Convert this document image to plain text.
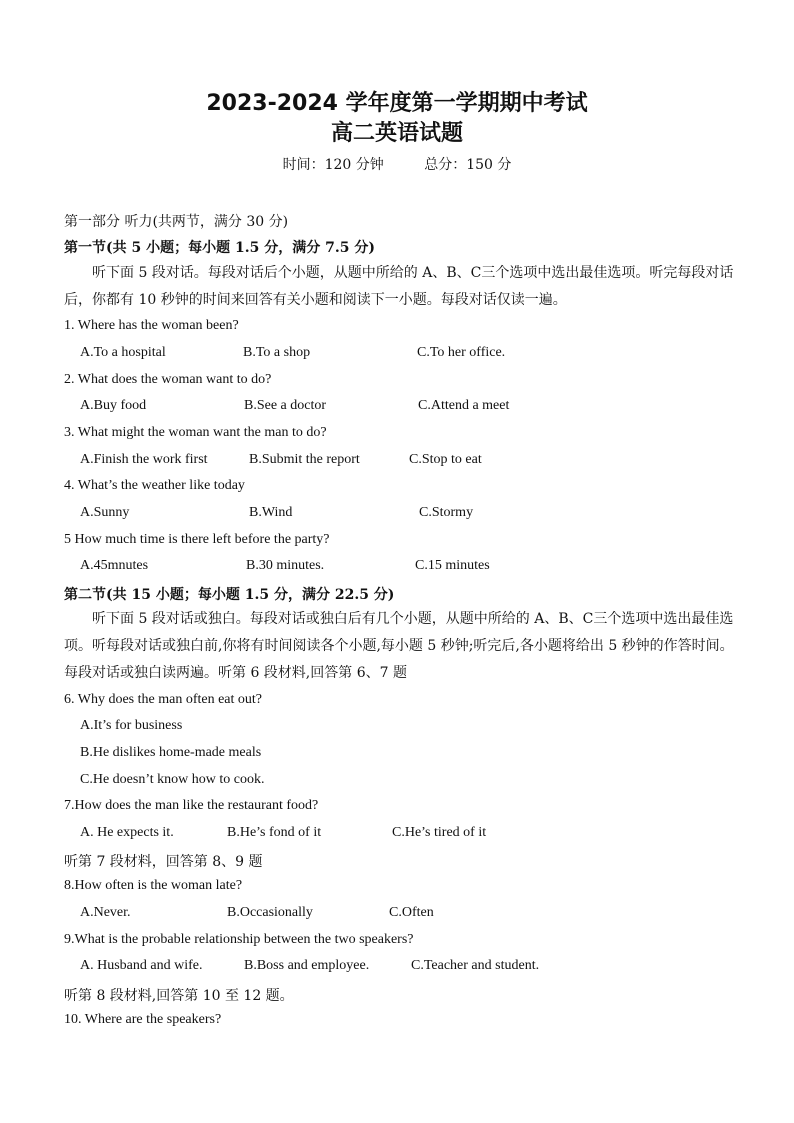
2023-2024 学年度第一学期期中考试
高二英语试题
时间：120 分钟	总分：150 分
第一部分 听力(共两节，满分 30 分)
第一节(共 5 小题；每小题 1.5 分，满分 7.5 分)
听下面 5 段对话。每段对话后个小题，从题中所给的 A、B、C三个选项中选出最佳选项。听完每段对话后，你都有 10 秒钟的时间来回答有关小题和阅读下一小题。每段对话仅读一遍。
1. Where has the woman been?
A.To a hospital	B.To a shop	C.To her office.
2. What does the woman want to do?
A.Buy food	B.See a doctor	C.Attend a meet
3. What might the woman want the man to do?
A.Finish the work first	B.Submit the report	C.Stop to eat
4. What’s the weather like today
A.Sunny	B.Wind	C.Stormy
5 How much time is there left before the party?
A.45mnutes	B.30 minutes.	C.15 minutes
第二节(共 15 小题；每小题 1.5 分，满分 22.5 分)
听下面 5 段对话或独白。每段对话或独白后有几个小题，从题中所给的 A、B、C三个选项中选出最佳选项。听每段对话或独白前,你将有时间阅读各个小题,每小题 5 秒钟;听完后,各小题将给出 5 秒钟的作答时间。每段对话或独白读两遍。听第 6 段材料,回答第 6、7 题
6. Why does the man often eat out?
A.It’s for business
B.He dislikes home-made meals
C.He doesn’t know how to cook.
7.How does the man like the restaurant food?
A. He expects it.	B.He’s fond of it	C.He’s tired of it
听第 7 段材料，回答第 8、9 题
8.How often is the woman late?
A.Never.	B.Occasionally	C.Often
9.What is the probable relationship between the two speakers?
A. Husband and wife.	B.Boss and employee.	C.Teacher and student.
听第 8 段材料,回答第 10 至 12 题。
10. Where are the speakers?
